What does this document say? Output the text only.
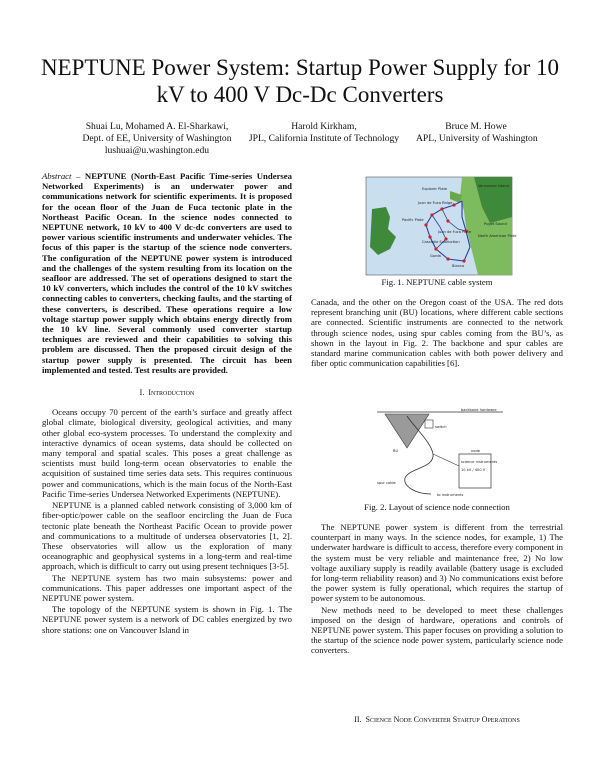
NEPTUNE Power System: Startup Power Supply for 10 kV to 400 V Dc-Dc Converters
Shuai Lu, Mohamed A. El-Sharkawi,
Dept. of EE, University of Washington
lushuai@u.washington.edu
Harold Kirkham,
JPL, California Institute of Technology
Bruce M. Howe
APL, University of Washington
Abstract – NEPTUNE (North-East Pacific Time-series Undersea Networked Experiments) is an underwater power and communications network for scientific experiments. It is proposed for the ocean floor of the Juan de Fuca tectonic plate in the Northeast Pacific Ocean. In the science nodes connected to NEPTUNE network, 10 kV to 400 V dc-dc converters are used to power various scientific instruments and underwater vehicles. The focus of this paper is the startup of the science node converters. The configuration of the NEPTUNE power system is introduced and the challenges of the system resulting from its location on the seafloor are addressed. The set of operations designed to start the 10 kV converters, which includes the control of the 10 kV switches connecting cables to converters, checking faults, and the starting of these converters, is described. These operations require a low voltage startup power supply which obtains energy directly from the 10 kV line. Several commonly used converter startup techniques are reviewed and their capabilities to solving this problem are discussed. Then the proposed circuit design of the startup power supply is presented. The circuit has been implemented and tested. Test results are provided.
I. Introduction

Oceans occupy 70 percent of the earth’s surface and greatly affect global climate, biological diversity, geological activities, and many other global eco-system processes. To understand the complexity and interactive dynamics of ocean systems, data should be collected on many temporal and spatial scales. This poses a great challenge as scientists must build long-term ocean observatories to enable the acquisition of sustained time series data sets. This requires continuous power and communications, which is the main focus of the North-East Pacific Time-series Undersea Networked Experiments (NEPTUNE).

NEPTUNE is a planned cabled network consisting of 3,000 km of fiber-optic/power cable on the seafloor encircling the Juan de Fuca tectonic plate beneath the Northeast Pacific Ocean to provide power and communications to a multitude of undersea observatories [1, 2]. These observatories will allow us the exploration of many oceanographic and geophysical systems in a long-term and real-time approach, which is difficult to carry out using present techniques [3-5].

The NEPTUNE system has two main subsystems: power and communications. This paper addresses one important aspect of the NEPTUNE power system.

The topology of the NEPTUNE system is shown in Fig. 1. The NEPTUNE power system is a network of DC cables energized by two shore stations: one on Vancouver Island in

Explorer Plate
Juan de Fuca Ridge
Pacific Plate
Juan de Fuca Plate
Cascadia Subduction
North American Plate
Gorda
Blanco
Vancouver Island
Puget Sound
Fig. 1. NEPTUNE cable system

Canada, and the other on the Oregon coast of the USA. The red dots represent branching unit (BU) locations, where different cable sections are connected. Scientific instruments are connected to the network through science nodes, using spur cables coming from the BU’s, as shown in the layout in Fig. 2. The backbone and spur cables are standard marine communication cables with both power delivery and fiber optic communication capabilities [6].

backbone hardware
switch
BU	node
science instruments
10 kV / 400 V
to instruments
spur cable
Fig. 2. Layout of science node connection

The NEPTUNE power system is different from the terrestrial counterpart in many ways. In the science nodes, for example, 1) The underwater hardware is difficult to access, therefore every component in the system must be very reliable and maintenance free, 2) No low voltage auxiliary supply is readily available (battery usage is excluded for long-term reliability reason) and 3) No communications exist before the power system is fully operational, which requires the startup of power system to be autonomous.

New methods need to be developed to meet these challenges imposed on the design of hardware, operations and controls of NEPTUNE power system. This paper focuses on providing a solution to the startup of the science node power system, particularly science node converters.

II. Science Node Converter Startup Operations
